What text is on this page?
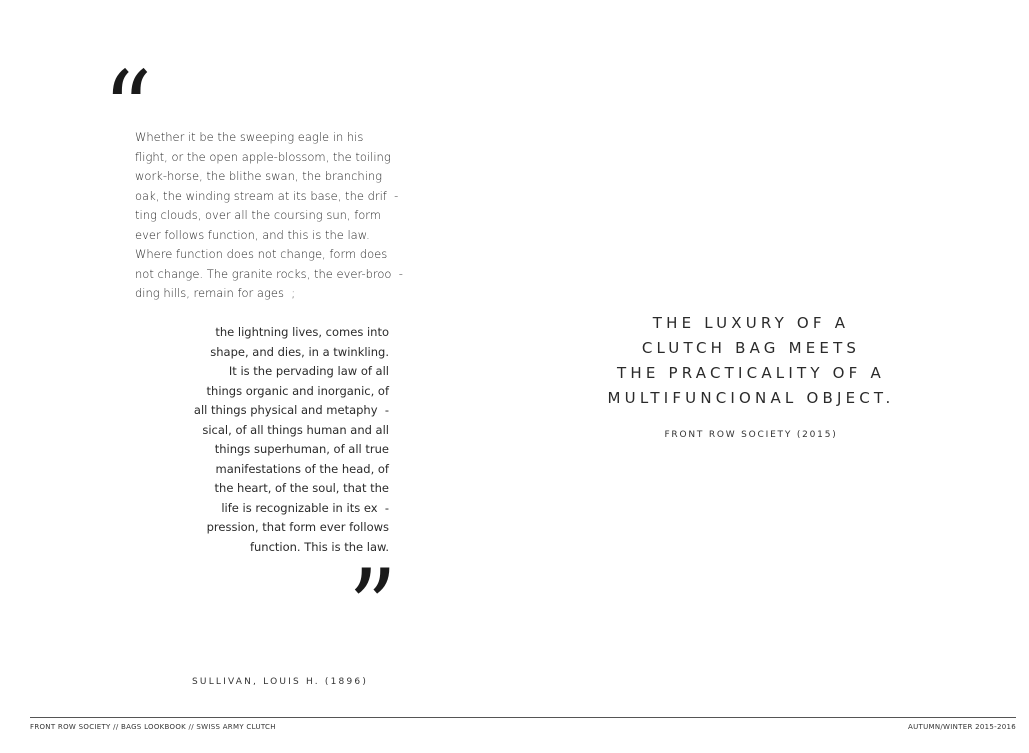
“
Whether it be the sweeping eagle in his
flight, or the open apple-blossom, the toiling
work-horse, the blithe swan, the branching
oak, the winding stream at its base, the drif  -
ting clouds, over all the coursing sun, form
ever follows function, and this is the law.
Where function does not change, form does
not change. The granite rocks, the ever-broo  -
ding hills, remain for ages  ;
the lightning lives, comes into
shape, and dies, in a twinkling.
It is the pervading law of all
things organic and inorganic, of
all things physical and metaphy  -
sical, of all things human and all
things superhuman, of all true
manifestations of the head, of
the heart, of the soul, that the
life is recognizable in its ex  -
pression, that form ever follows
function. This is the law.
”
SULLIVAN, LOUIS H. (1896)
THE LUXURY OF A
CLUTCH BAG MEETS
THE PRACTICALITY OF A
MULTIFUNCIONAL OBJECT.
FRONT ROW SOCIETY (2015)
FRONT ROW SOCIETY // BAGS LOOKBOOK // SWISS ARMY CLUTCH	AUTUMN/WINTER 2015-2016
